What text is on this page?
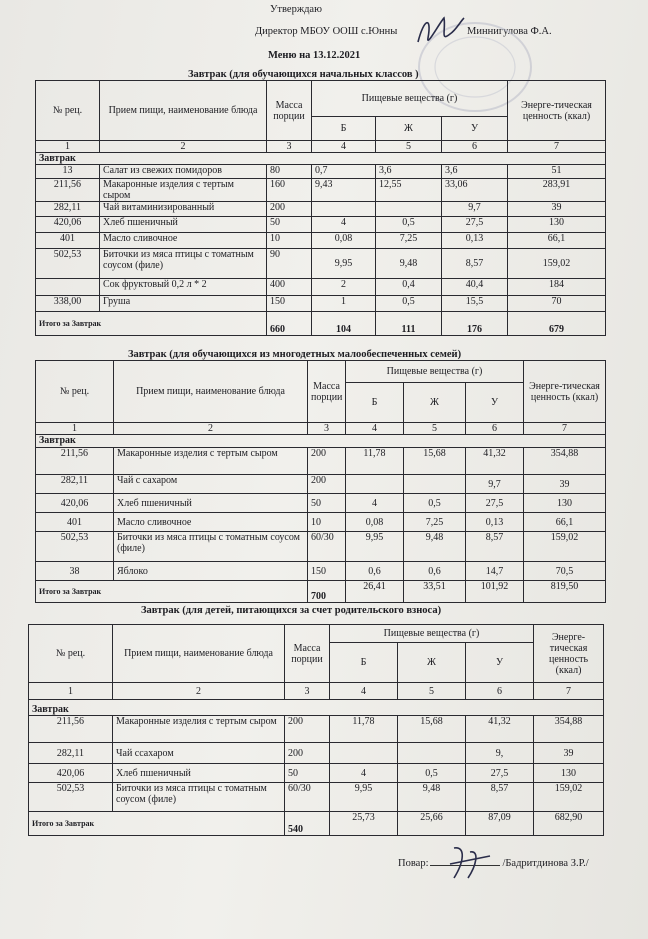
Утверждаю
Директор МБОУ ООШ с.Юнны	Миннигулова Ф.А.
Меню на 13.12.2021
Завтрак (для обучающихся начальных классов )
№ рец.	Прием пищи, наименование блюда	Масса порции	Пищевые вещества (г)			Энерге-тическая ценность (ккал)
			Б	Ж	У	
1	2	3	4	5	6	7
Завтрак						
13	Салат из свежих помидоров	80	0,7	3,6	3,6	51
211,56	Макаронные изделия с тертым сыром	160	9,43	12,55	33,06	283,91
282,11	Чай витаминизированный	200			9,7	39
420,06	Хлеб пшеничный	50	4	0,5	27,5	130
401	Масло сливочное	10	0,08	7,25	0,13	66,1
502,53	Биточки из мяса птицы с томатным соусом (филе)	90	9,95	9,48	8,57	159,02
	Сок фруктовый 0,2 л * 2	400	2	0,4	40,4	184
338,00	Груша	150	1	0,5	15,5	70

Итого за Завтрак		660	104	111	176	679
Завтрак (для обучающихся из многодетных малообеспеченных семей)
№ рец.	Прием пищи, наименование блюда	Масса порции	Пищевые вещества (г)			Энерге-тическая ценность (ккал)
			Б	Ж	У	
1	2	3	4	5	6	7
Завтрак						
211,56	Макаронные изделия с тертым сыром	200	11,78	15,68	41,32	354,88
282,11	Чай с сахаром	200			9,7	39
420,06	Хлеб пшеничный	50	4	0,5	27,5	130
401	Масло сливочное	10	0,08	7,25	0,13	66,1
502,53	Биточки из мяса птицы с томатным соусом (филе)	60/30	9,95	9,48	8,57	159,02
38	Яблоко	150	0,6	0,6	14,7	70,5

Итого за Завтрак		700	26,41	33,51	101,92	819,50
Завтрак (для детей, питающихся за счет родительского взноса)
№ рец.	Прием пищи, наименование блюда	Масса порции	Пищевые вещества (г)			Энерге-тическая ценность (ккал)
			Б	Ж	У	
1	2	3	4	5	6	7
Завтрак						
211,56	Макаронные изделия с тертым сыром	200	11,78	15,68	41,32	354,88
282,11	Чай ссахаром	200			9,	39
420,06	Хлеб пшеничный	50	4	0,5	27,5	130
502,53	Биточки из мяса птицы с томатным соусом (филе)	60/30	9,95	9,48	8,57	159,02

Итого за Завтрак		540	25,73	25,66	87,09	682,90
Повар:	/Бадритдинова З.Р./
